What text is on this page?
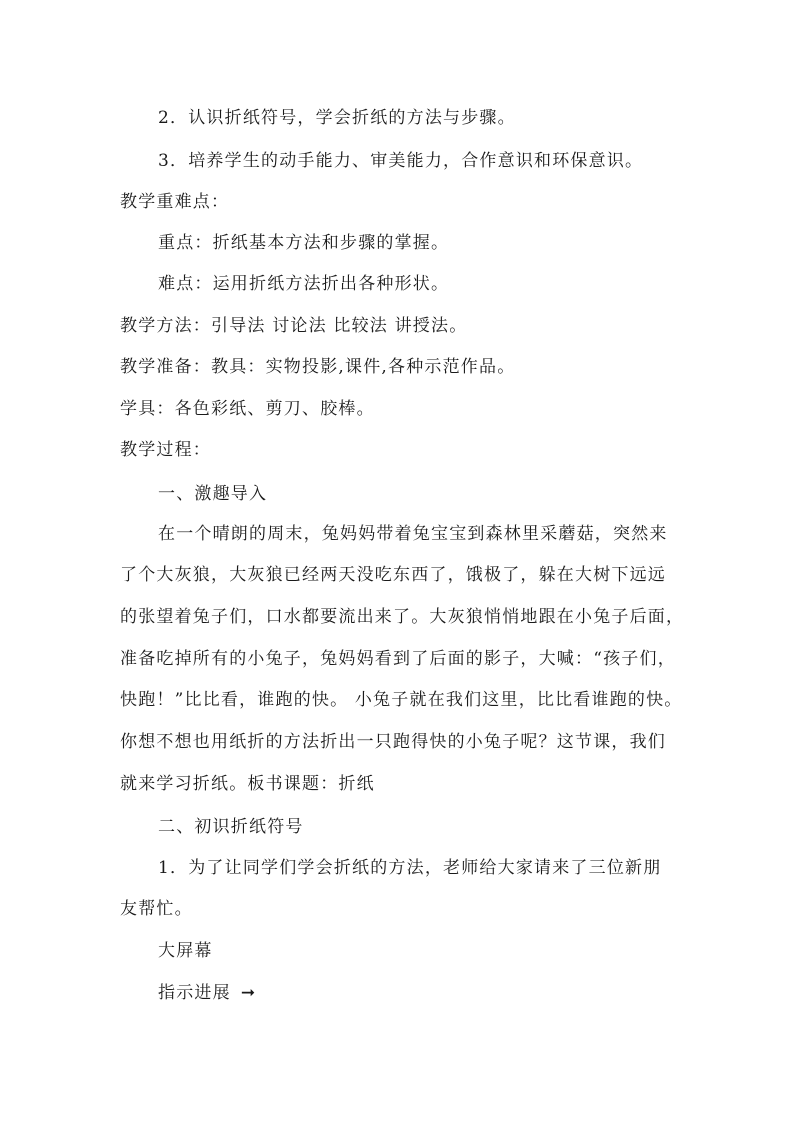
2．认识折纸符号，学会折纸的方法与步骤。
3．培养学生的动手能力、审美能力，合作意识和环保意识。
教学重难点：
重点：折纸基本方法和步骤的掌握。
难点：运用折纸方法折出各种形状。
教学方法：引导法 讨论法 比较法 讲授法。
教学准备：教具：实物投影,课件,各种示范作品。
学具：各色彩纸、剪刀、胶棒。
教学过程：
一、激趣导入
在一个晴朗的周末，兔妈妈带着兔宝宝到森林里采蘑菇，突然来
了个大灰狼，大灰狼已经两天没吃东西了，饿极了，躲在大树下远远
的张望着兔子们，口水都要流出来了。大灰狼悄悄地跟在小兔子后面，
准备吃掉所有的小兔子，兔妈妈看到了后面的影子，大喊：“孩子们，
快跑！”比比看，谁跑的快。 小兔子就在我们这里，比比看谁跑的快。
你想不想也用纸折的方法折出一只跑得快的小兔子呢？这节课，我们
就来学习折纸。板书课题：折纸
二、初识折纸符号
1．为了让同学们学会折纸的方法，老师给大家请来了三位新朋
友帮忙。
大屏幕
指示进展 ➞
